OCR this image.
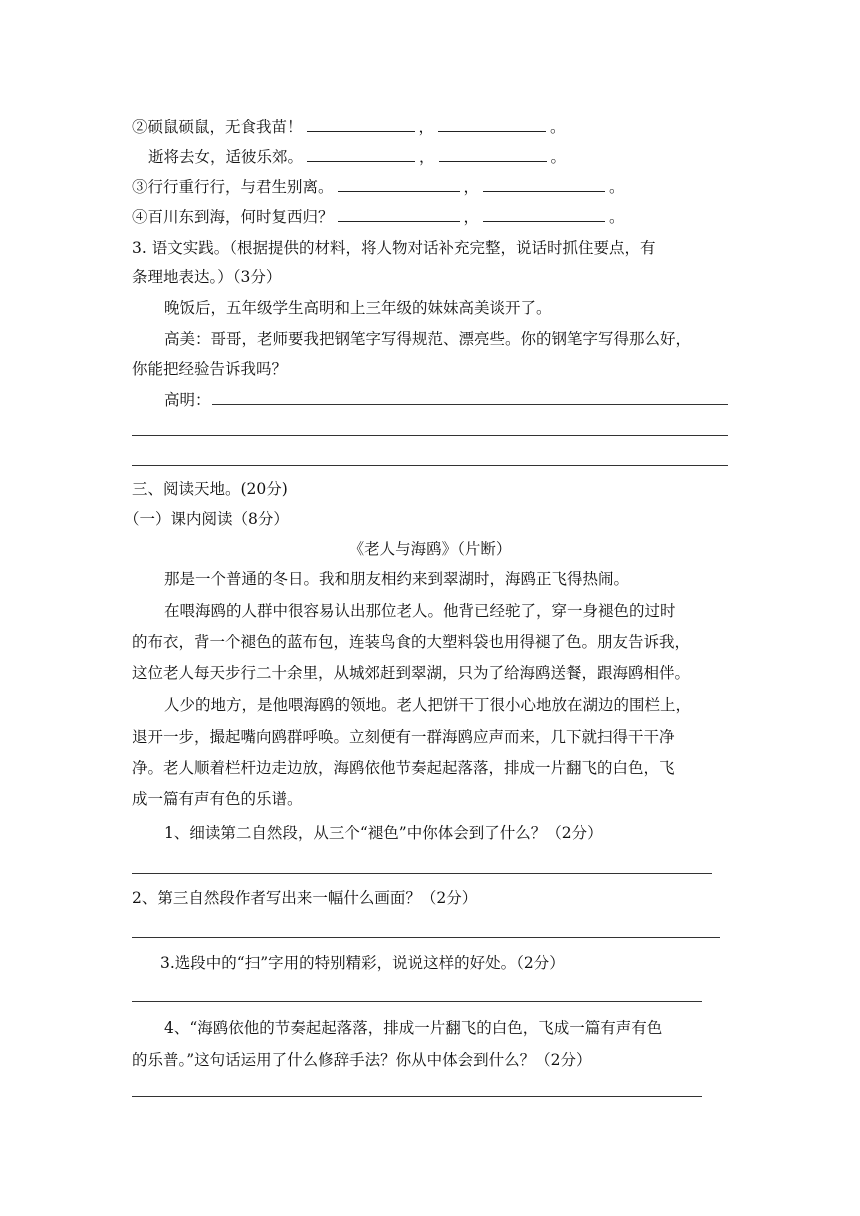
②硕鼠硕鼠，无食我苗！	，	。
逝将去女，适彼乐郊。	，	。
③行行重行行，与君生别离。	，	。
④百川东到海，何时复西归？	，	。
3. 语文实践。（根据提供的材料，将人物对话补充完整，说话时抓住要点，有
条理地表达。）（3分）
晚饭后，五年级学生高明和上三年级的妹妹高美谈开了。
高美：哥哥，老师要我把钢笔字写得规范、漂亮些。你的钢笔字写得那么好，
你能把经验告诉我吗？
高明：
三、阅读天地。(20分)
（一）课内阅读（8分）
《老人与海鸥》（片断）
那是一个普通的冬日。我和朋友相约来到翠湖时，海鸥正飞得热闹。
在喂海鸥的人群中很容易认出那位老人。他背已经驼了，穿一身褪色的过时
的布衣，背一个褪色的蓝布包，连装鸟食的大塑料袋也用得褪了色。朋友告诉我，
这位老人每天步行二十余里，从城郊赶到翠湖，只为了给海鸥送餐，跟海鸥相伴。
人少的地方，是他喂海鸥的领地。老人把饼干丁很小心地放在湖边的围栏上，
退开一步，撮起嘴向鸥群呼唤。立刻便有一群海鸥应声而来，几下就扫得干干净
净。老人顺着栏杆边走边放，海鸥依他节奏起起落落，排成一片翻飞的白色，飞
成一篇有声有色的乐谱。
1、细读第二自然段，从三个“褪色”中你体会到了什么？（2分）
2、第三自然段作者写出来一幅什么画面？（2分）
3.选段中的“扫”字用的特别精彩，说说这样的好处。（2分）
4、“海鸥依他的节奏起起落落，排成一片翻飞的白色，飞成一篇有声有色
的乐普。”这句话运用了什么修辞手法？你从中体会到什么？（2分）
